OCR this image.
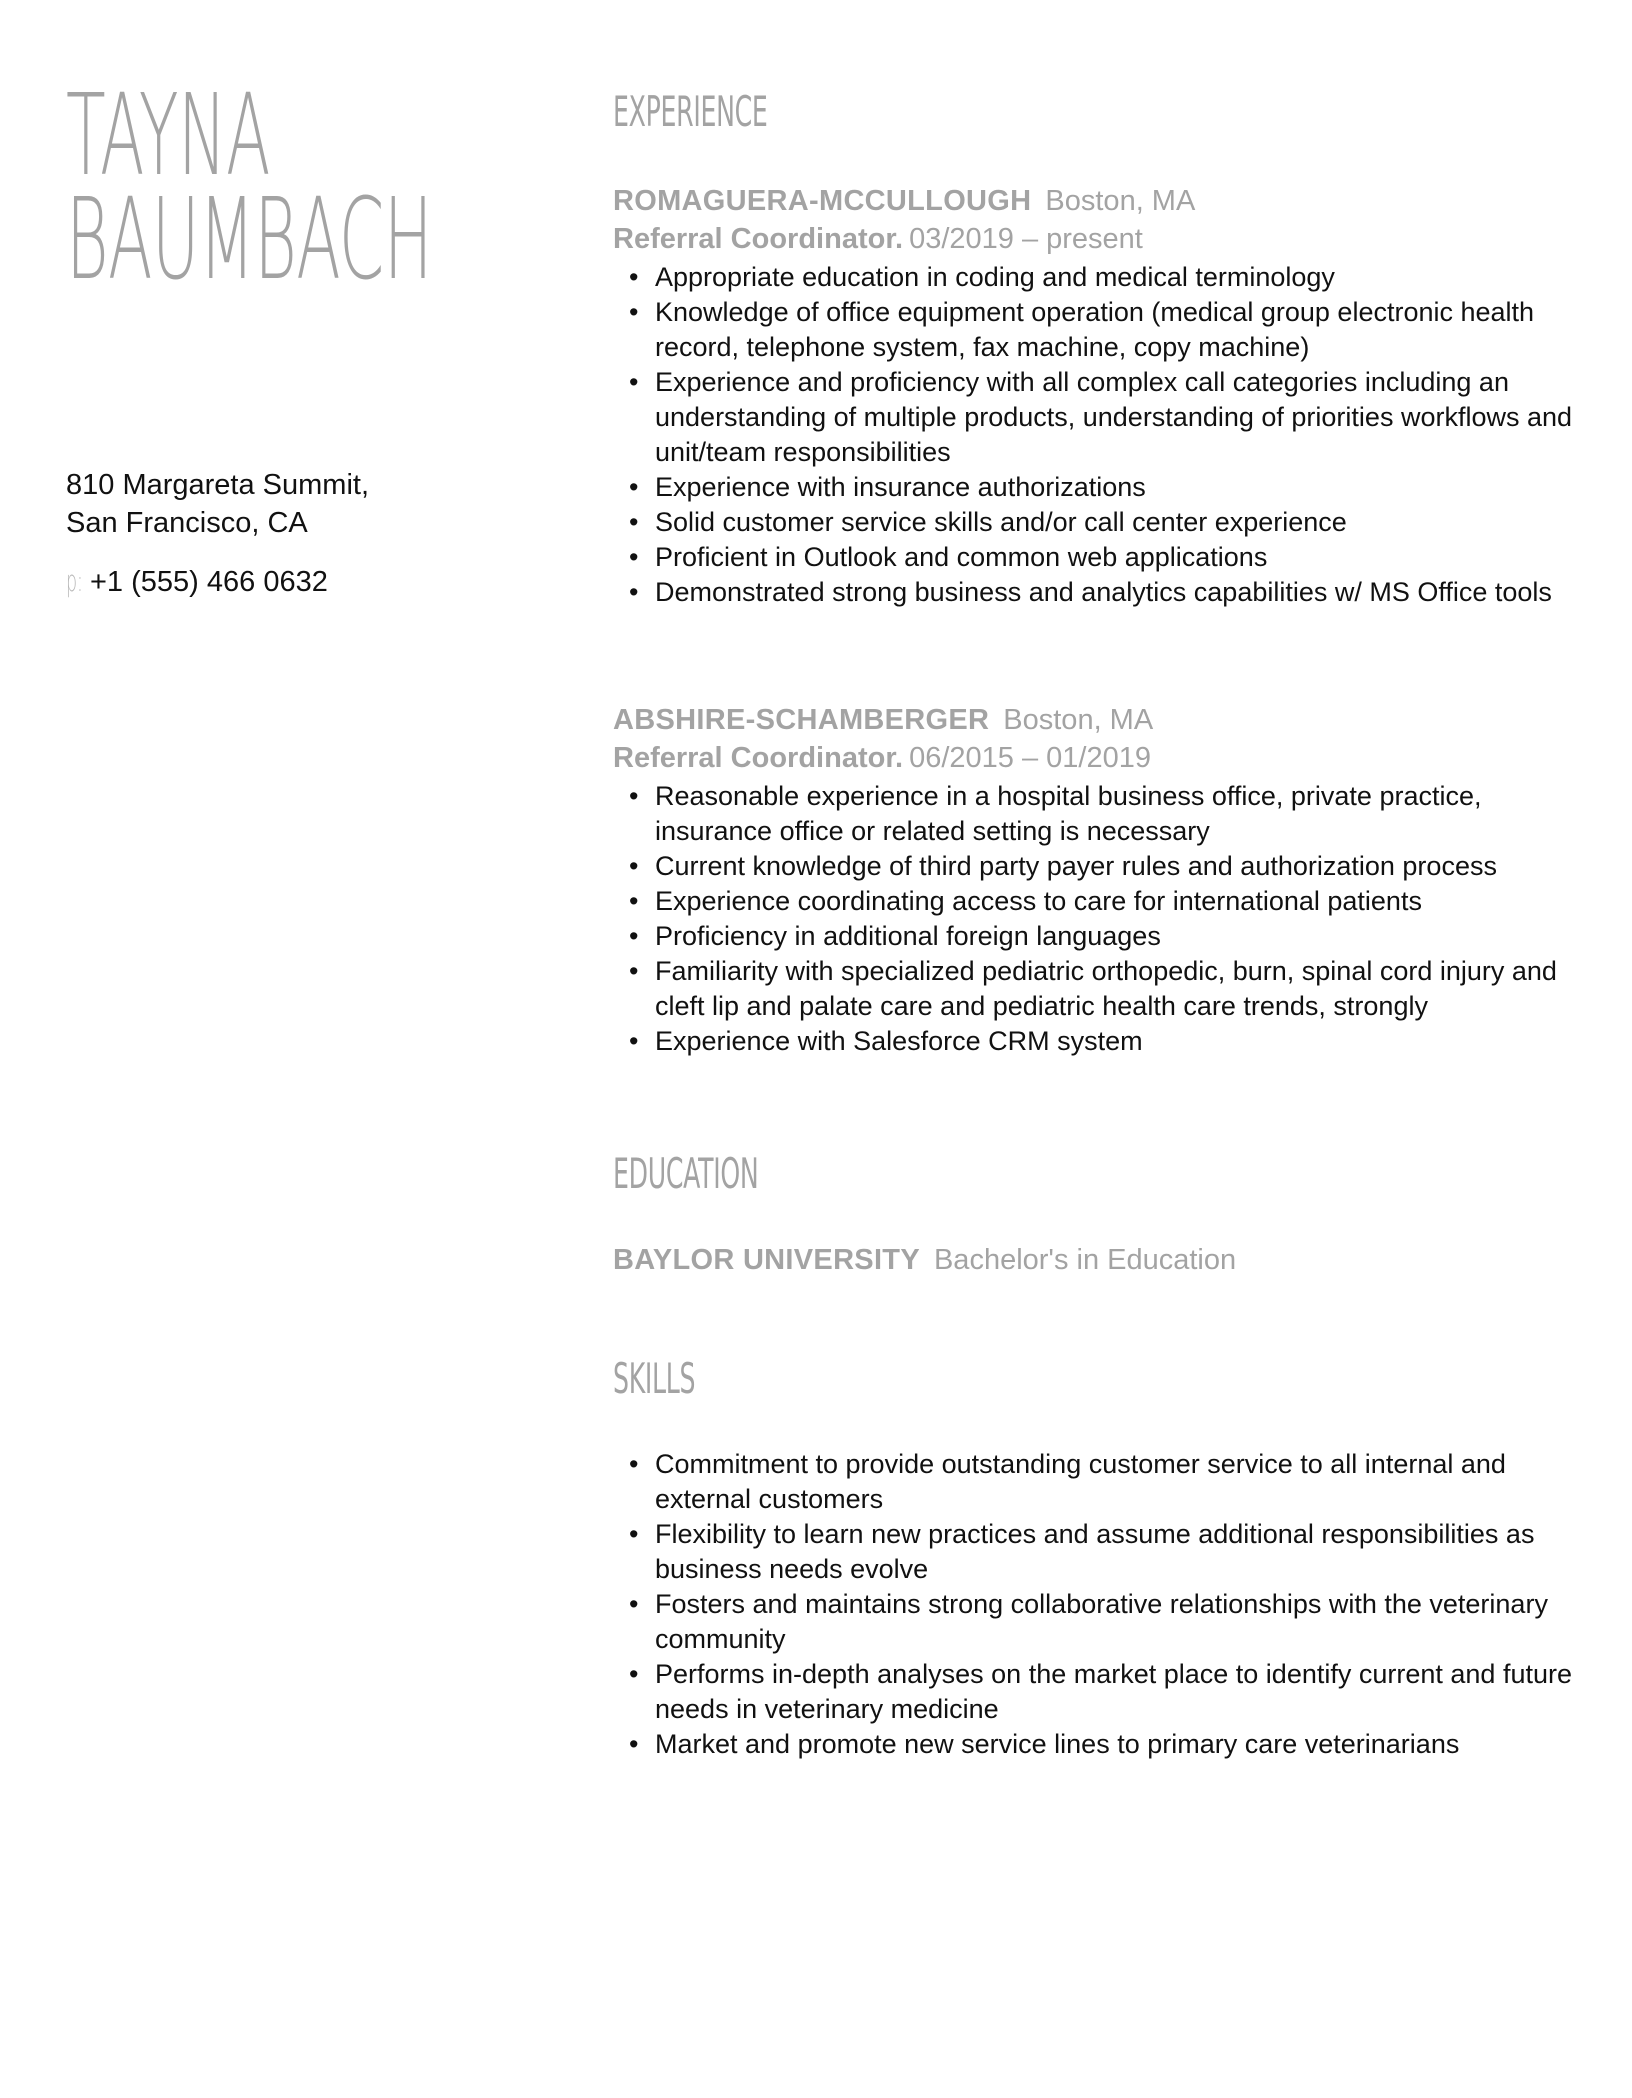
TAYNA
BAUMBACH
810 Margareta Summit,
San Francisco, CA
p: +1 (555) 466 0632
EXPERIENCE
ROMAGUERA-MCCULLOUGH Boston, MA
Referral Coordinator. 03/2019 – present
• Appropriate education in coding and medical terminology
• Knowledge of office equipment operation (medical group electronic health record, telephone system, fax machine, copy machine)
• Experience and proficiency with all complex call categories including an understanding of multiple products, understanding of priorities workflows and unit/team responsibilities
• Experience with insurance authorizations
• Solid customer service skills and/or call center experience
• Proficient in Outlook and common web applications
• Demonstrated strong business and analytics capabilities w/ MS Office tools
ABSHIRE-SCHAMBERGER Boston, MA
Referral Coordinator. 06/2015 – 01/2019
• Reasonable experience in a hospital business office, private practice, insurance office or related setting is necessary
• Current knowledge of third party payer rules and authorization process
• Experience coordinating access to care for international patients
• Proficiency in additional foreign languages
• Familiarity with specialized pediatric orthopedic, burn, spinal cord injury and cleft lip and palate care and pediatric health care trends, strongly
• Experience with Salesforce CRM system
EDUCATION
BAYLOR UNIVERSITY Bachelor's in Education
SKILLS
• Commitment to provide outstanding customer service to all internal and external customers
• Flexibility to learn new practices and assume additional responsibilities as business needs evolve
• Fosters and maintains strong collaborative relationships with the veterinary community
• Performs in-depth analyses on the market place to identify current and future needs in veterinary medicine
• Market and promote new service lines to primary care veterinarians
